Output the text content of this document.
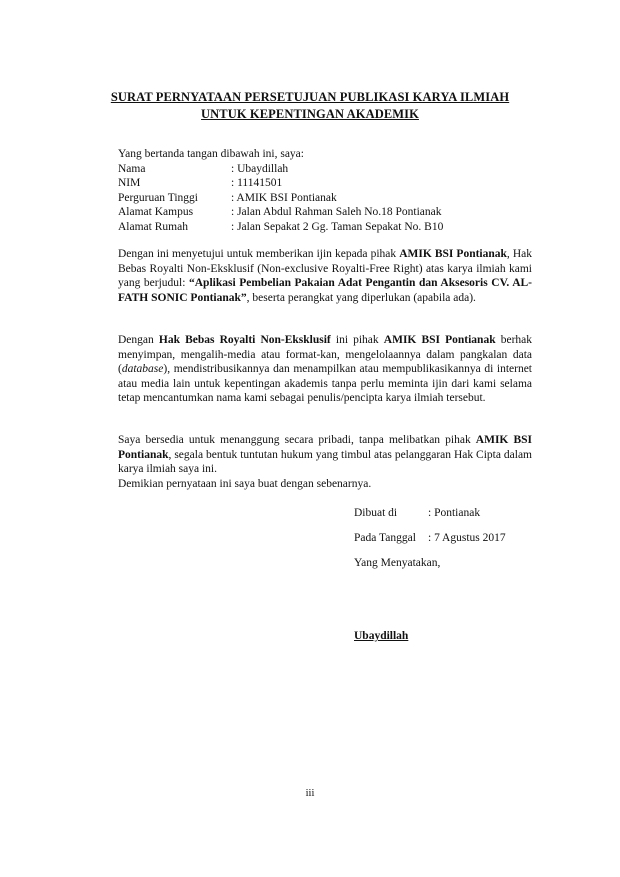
SURAT PERNYATAAN PERSETUJUAN PUBLIKASI KARYA ILMIAH
UNTUK KEPENTINGAN AKADEMIK
Yang bertanda tangan dibawah ini, saya:
Nama	: Ubaydillah
NIM	: 11141501
Perguruan Tinggi	: AMIK BSI Pontianak
Alamat Kampus	: Jalan Abdul Rahman Saleh No.18 Pontianak
Alamat Rumah	: Jalan Sepakat 2 Gg. Taman Sepakat No. B10
Dengan ini menyetujui untuk memberikan ijin kepada pihak AMIK BSI Pontianak, Hak Bebas Royalti Non-Eksklusif (Non-exclusive Royalti-Free Right) atas karya ilmiah kami yang berjudul: “Aplikasi Pembelian Pakaian Adat Pengantin dan Aksesoris CV. AL-FATH SONIC Pontianak”, beserta perangkat yang diperlukan (apabila ada).
Dengan Hak Bebas Royalti Non-Eksklusif ini pihak AMIK BSI Pontianak berhak menyimpan, mengalih-media atau format-kan, mengelolaannya dalam pangkalan data (database), mendistribusikannya dan menampilkan atau mempublikasikannya di internet atau media lain untuk kepentingan akademis tanpa perlu meminta ijin dari kami selama tetap mencantumkan nama kami sebagai penulis/pencipta karya ilmiah tersebut.
Saya bersedia untuk menanggung secara pribadi, tanpa melibatkan pihak AMIK BSI Pontianak, segala bentuk tuntutan hukum yang timbul atas pelanggaran Hak Cipta dalam karya ilmiah saya ini.
Demikian pernyataan ini saya buat dengan sebenarnya.
Dibuat di	: Pontianak
Pada Tanggal : 7 Agustus 2017
Yang Menyatakan,
Ubaydillah
iii
